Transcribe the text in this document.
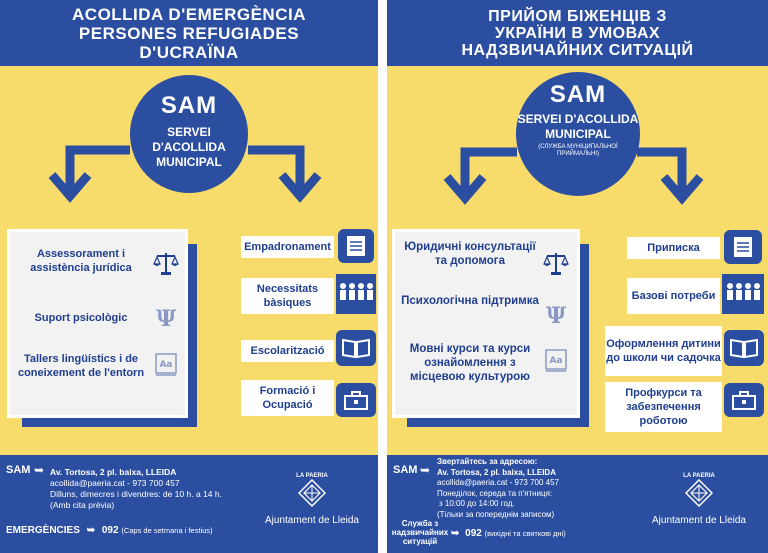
ACOLLIDA D'EMERGÈNCIA
PERSONES REFUGIADES
D'UCRAÏNA
SAM
SERVEI D'ACOLLIDA
MUNICIPAL
Assessorament i assistència jurídica
Suport psicològic	Ψ
Tallers lingüístics i de coneixement de l'entorn
Aa
Empadronament
Necessitats bàsiques
Escolarització
Formació i Ocupació
SAM ➥ Av. Tortosa, 2 pl. baixa, LLEIDA
acollida@paeria.cat - 973 700 457
Dilluns, dimecres i divendres: de 10 h. a 14 h.
(Amb cita prèvia)
EMERGÈNCIES ➥ 092 (Caps de setmana i festius)
LA PAERIA
Ajuntament de Lleida
ПРИЙОМ БІЖЕНЦІВ З
УКРАЇНИ В УМОВАХ
НАДЗВИЧАЙНИХ СИТУАЦІЙ
SAM
SERVEI D'ACOLLIDA
MUNICIPAL
(СЛУЖБА МУНІЦИПАЛЬНОЇ
ПРИЙМАЛЬНІ)
Юридичні консультації та допомога
Психологічна підтримка
Ψ
Мовні курси та курси ознайомлення з місцевою культурою
Aa
Приписка
Базові потреби
Оформлення дитини до школи чи садочка
Профкурси та забезпечення роботою
SAM ➥
Звертайтесь за адресою:
Av. Tortosa, 2 pl. baixa, LLEIDA
acollida@paeria.cat - 973 700 457
Понеділок, середа та п'ятниця:
з 10:00 до 14:00 год.
(Тільки за попереднім записом)
Служба з
надзвичайних
ситуацій
➥ 092 (вихідні та святкові дні)
LA PAERIA
Ajuntament de Lleida
